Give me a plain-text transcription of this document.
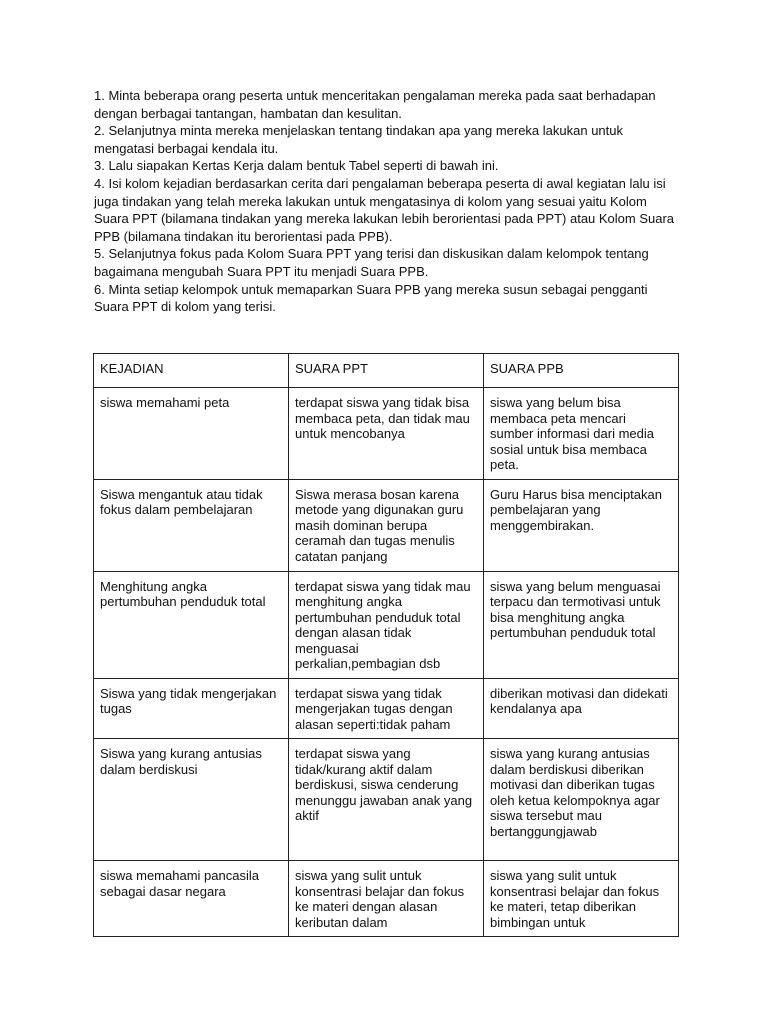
1. Minta beberapa orang peserta untuk menceritakan pengalaman mereka pada saat berhadapan dengan berbagai tantangan, hambatan dan kesulitan.

2. Selanjutnya minta mereka menjelaskan tentang tindakan apa yang mereka lakukan untuk mengatasi berbagai kendala itu.

3. Lalu siapakan Kertas Kerja dalam bentuk Tabel seperti di bawah ini.

4. Isi kolom kejadian berdasarkan cerita dari pengalaman beberapa peserta di awal kegiatan lalu isi juga tindakan yang telah mereka lakukan untuk mengatasinya di kolom yang sesuai yaitu Kolom Suara PPT (bilamana tindakan yang mereka lakukan lebih berorientasi pada PPT) atau Kolom Suara PPB (bilamana tindakan itu berorientasi pada PPB).

5. Selanjutnya fokus pada Kolom Suara PPT yang terisi dan diskusikan dalam kelompok tentang bagaimana mengubah Suara PPT itu menjadi Suara PPB.

6. Minta setiap kelompok untuk memaparkan Suara PPB yang mereka susun sebagai pengganti Suara PPT di kolom yang terisi.

KEJADIAN	SUARA PPT	SUARA PPB

siswa memahami peta	terdapat siswa yang tidak bisa membaca peta, dan tidak mau untuk mencobanya	siswa yang belum bisa membaca peta mencari sumber informasi dari media sosial untuk bisa membaca peta.

Siswa mengantuk atau tidak fokus dalam pembelajaran	Siswa merasa bosan karena metode yang digunakan guru masih dominan berupa ceramah dan tugas menulis catatan panjang	Guru Harus bisa menciptakan pembelajaran yang menggembirakan.

Menghitung angka pertumbuhan penduduk total	terdapat siswa yang tidak mau menghitung angka pertumbuhan penduduk total dengan alasan tidak menguasai perkalian,pembagian dsb	siswa yang belum menguasai terpacu dan termotivasi untuk bisa menghitung angka pertumbuhan penduduk total

Siswa yang tidak mengerjakan tugas	terdapat siswa yang tidak mengerjakan tugas dengan alasan seperti:tidak paham	diberikan motivasi dan didekati kendalanya apa

Siswa yang kurang antusias dalam berdiskusi	terdapat siswa yang tidak/kurang aktif dalam berdiskusi, siswa cenderung menunggu jawaban anak yang aktif	siswa yang kurang antusias dalam berdiskusi diberikan motivasi dan diberikan tugas oleh ketua kelompoknya agar siswa tersebut mau bertanggungjawab

siswa memahami pancasila sebagai dasar negara	siswa yang sulit untuk konsentrasi belajar dan fokus ke materi dengan alasan keributan dalam	siswa yang sulit untuk konsentrasi belajar dan fokus ke materi, tetap diberikan bimbingan untuk
